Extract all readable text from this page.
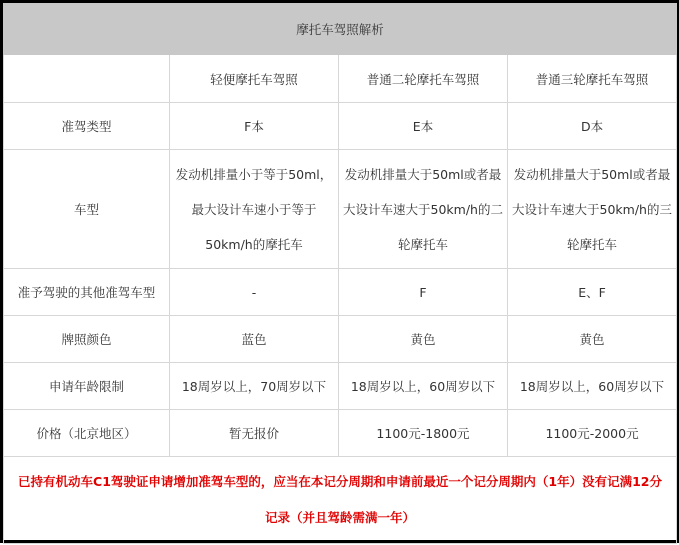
摩托车驾照解析			
	轻便摩托车驾照	普通二轮摩托车驾照	普通三轮摩托车驾照
准驾类型	F本	E本	D本
车型	发动机排量小于等于50ml，最大设计车速小于等于50km/h的摩托车	发动机排量大于50ml或者最大设计车速大于50km/h的二轮摩托车	发动机排量大于50ml或者最大设计车速大于50km/h的三轮摩托车
准予驾驶的其他准驾车型	-	F	E、F
牌照颜色	蓝色	黄色	黄色
申请年龄限制	18周岁以上，70周岁以下	18周岁以上，60周岁以下	18周岁以上，60周岁以下
价格（北京地区）	暂无报价	1100元-1800元	1100元-2000元
已持有机动车C1驾驶证申请增加准驾车型的，应当在本记分周期和申请前最近一个记分周期内（1年）没有记满12分记录（并且驾龄需满一年）			
